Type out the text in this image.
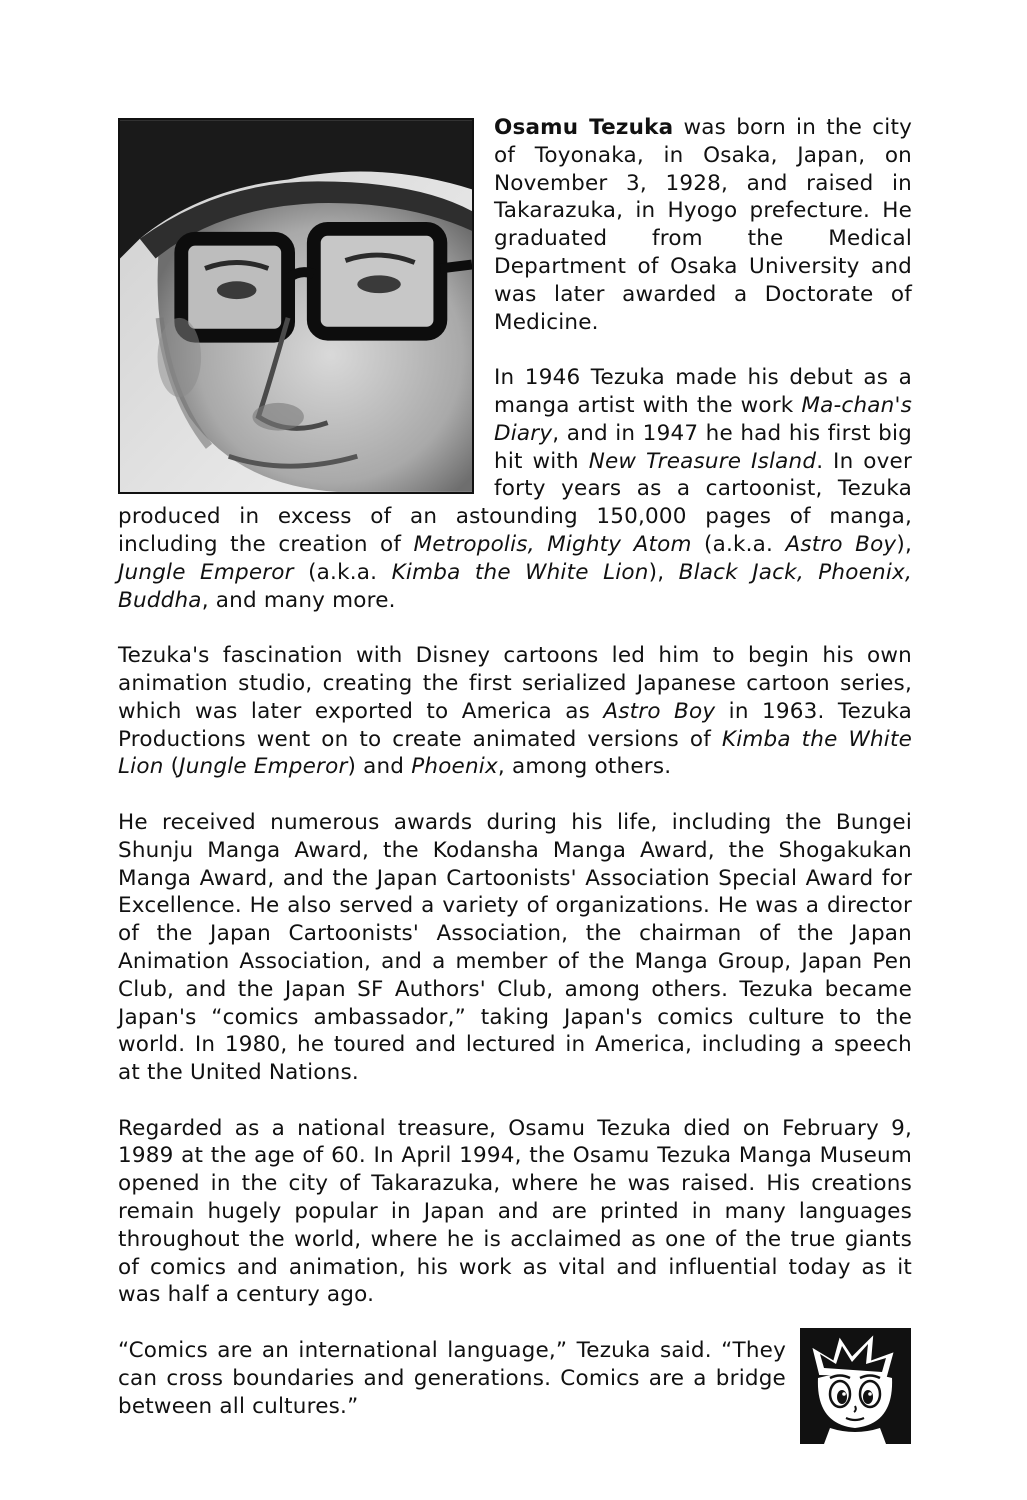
Osamu Tezuka was born in the city of Toyonaka, in Osaka, Japan, on November 3, 1928, and raised in Takarazuka, in Hyogo prefecture. He graduated from the Medical Department of Osaka University and was later awarded a Doctorate of Medicine.

In 1946 Tezuka made his debut as a manga artist with the work Ma-chan's Diary, and in 1947 he had his first big hit with New Treasure Island. In over forty years as a cartoonist, Tezuka produced in excess of an astounding 150,000 pages of manga, including the creation of Metropolis, Mighty Atom (a.k.a. Astro Boy), Jungle Emperor (a.k.a. Kimba the White Lion), Black Jack, Phoenix, Buddha, and many more.

Tezuka's fascination with Disney cartoons led him to begin his own animation studio, creating the first serialized Japanese cartoon series, which was later exported to America as Astro Boy in 1963. Tezuka Productions went on to create animated versions of Kimba the White Lion (Jungle Emperor) and Phoenix, among others.

He received numerous awards during his life, including the Bungei Shunju Manga Award, the Kodansha Manga Award, the Shogakukan Manga Award, and the Japan Cartoonists' Association Special Award for Excellence. He also served a variety of organizations. He was a director of the Japan Cartoonists' Association, the chairman of the Japan Animation Association, and a member of the Manga Group, Japan Pen Club, and the Japan SF Authors' Club, among others. Tezuka became Japan's “comics ambassador,” taking Japan's comics culture to the world. In 1980, he toured and lectured in America, including a speech at the United Nations.

Regarded as a national treasure, Osamu Tezuka died on February 9, 1989 at the age of 60. In April 1994, the Osamu Tezuka Manga Museum opened in the city of Takarazuka, where he was raised. His creations remain hugely popular in Japan and are printed in many languages throughout the world, where he is acclaimed as one of the true giants of comics and animation, his work as vital and influential today as it was half a century ago.

“Comics are an international language,” Tezuka said. “They can cross boundaries and generations. Comics are a bridge between all cultures.”
